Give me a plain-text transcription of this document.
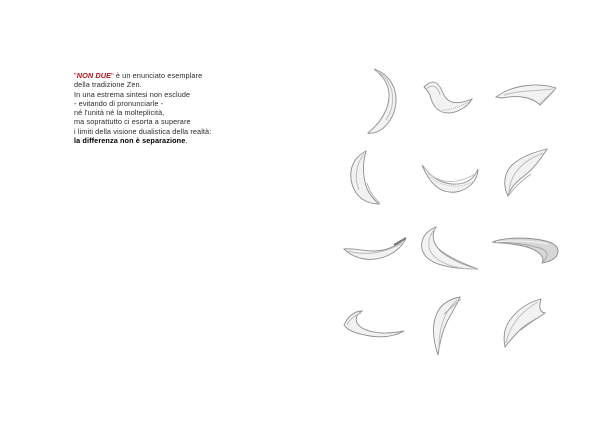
"NON DUE" è un enunciato esemplare
della tradizione Zen.
In una estrema sintesi non esclude
- evitando di pronunciarle -
né l'unità né la molteplicità,
ma soprattutto ci esorta a superare
i limiti della visione dualistica della realtà:
la differenza non è separazione.
